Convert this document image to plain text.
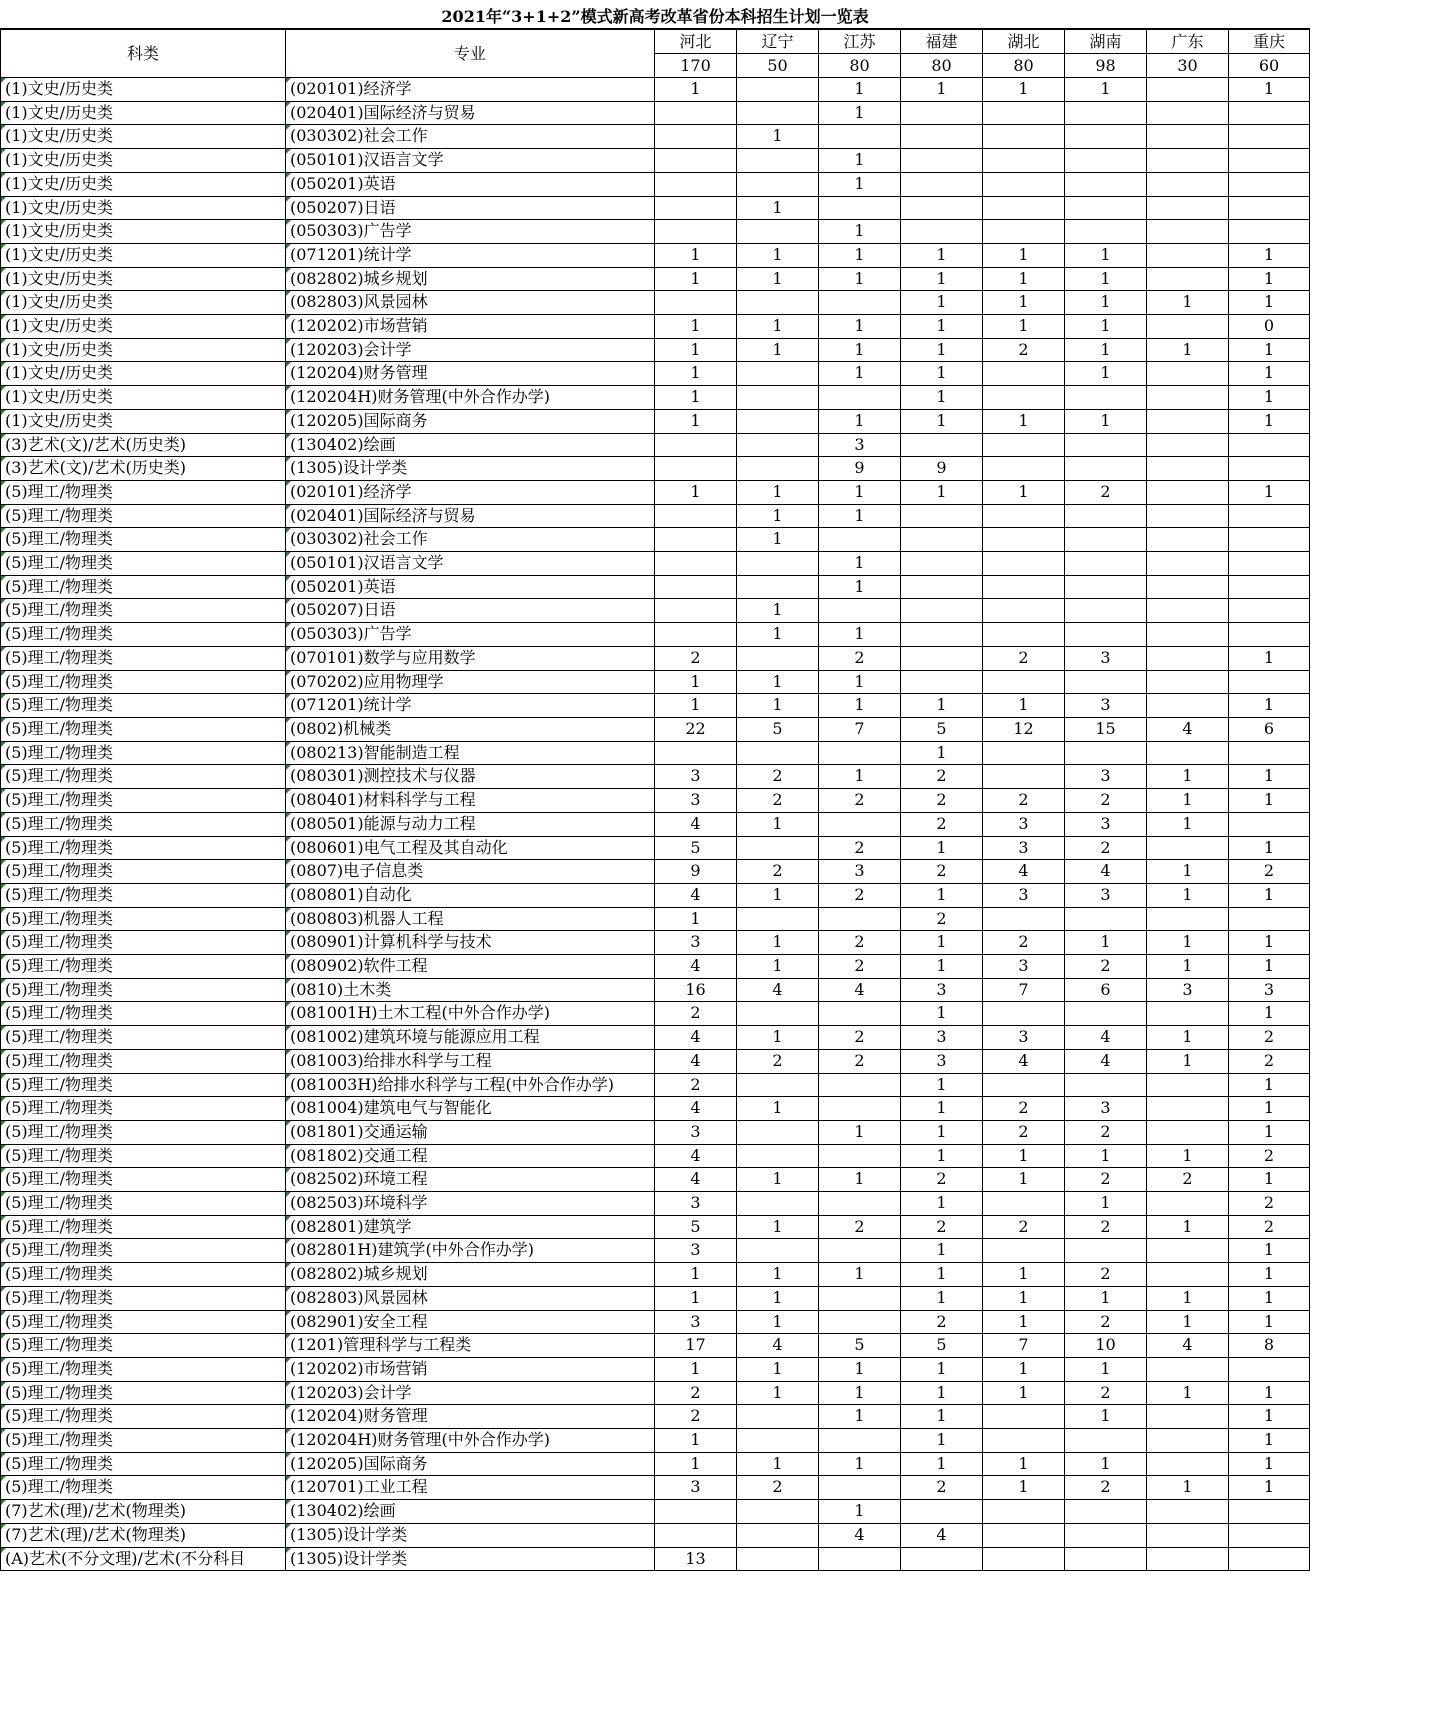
2021年“3+1+2”模式新高考改革省份本科招生计划一览表
科类	专业	河北	辽宁	江苏	福建	湖北	湖南	广东	重庆
		170	50	80	80	80	98	30	60
(1)文史/历史类	(020101)经济学	1		1	1	1	1		1
(1)文史/历史类	(020401)国际经济与贸易			1					
(1)文史/历史类	(030302)社会工作		1						
(1)文史/历史类	(050101)汉语言文学			1					
(1)文史/历史类	(050201)英语			1					
(1)文史/历史类	(050207)日语		1						
(1)文史/历史类	(050303)广告学			1					
(1)文史/历史类	(071201)统计学	1	1	1	1	1	1		1
(1)文史/历史类	(082802)城乡规划	1	1	1	1	1	1		1
(1)文史/历史类	(082803)风景园林				1	1	1	1	1
(1)文史/历史类	(120202)市场营销	1	1	1	1	1	1		0
(1)文史/历史类	(120203)会计学	1	1	1	1	2	1	1	1
(1)文史/历史类	(120204)财务管理	1		1	1		1		1
(1)文史/历史类	(120204H)财务管理(中外合作办学)	1			1				1
(1)文史/历史类	(120205)国际商务	1		1	1	1	1		1
(3)艺术(文)/艺术(历史类)	(130402)绘画			3					
(3)艺术(文)/艺术(历史类)	(1305)设计学类			9	9				
(5)理工/物理类	(020101)经济学	1	1	1	1	1	2		1
(5)理工/物理类	(020401)国际经济与贸易		1	1					
(5)理工/物理类	(030302)社会工作		1						
(5)理工/物理类	(050101)汉语言文学			1					
(5)理工/物理类	(050201)英语			1					
(5)理工/物理类	(050207)日语		1						
(5)理工/物理类	(050303)广告学		1	1					
(5)理工/物理类	(070101)数学与应用数学	2		2		2	3		1
(5)理工/物理类	(070202)应用物理学	1	1	1					
(5)理工/物理类	(071201)统计学	1	1	1	1	1	3		1
(5)理工/物理类	(0802)机械类	22	5	7	5	12	15	4	6
(5)理工/物理类	(080213)智能制造工程				1				
(5)理工/物理类	(080301)测控技术与仪器	3	2	1	2		3	1	1
(5)理工/物理类	(080401)材料科学与工程	3	2	2	2	2	2	1	1
(5)理工/物理类	(080501)能源与动力工程	4	1		2	3	3	1	
(5)理工/物理类	(080601)电气工程及其自动化	5		2	1	3	2		1
(5)理工/物理类	(0807)电子信息类	9	2	3	2	4	4	1	2
(5)理工/物理类	(080801)自动化	4	1	2	1	3	3	1	1
(5)理工/物理类	(080803)机器人工程	1			2				
(5)理工/物理类	(080901)计算机科学与技术	3	1	2	1	2	1	1	1
(5)理工/物理类	(080902)软件工程	4	1	2	1	3	2	1	1
(5)理工/物理类	(0810)土木类	16	4	4	3	7	6	3	3
(5)理工/物理类	(081001H)土木工程(中外合作办学)	2			1				1
(5)理工/物理类	(081002)建筑环境与能源应用工程	4	1	2	3	3	4	1	2
(5)理工/物理类	(081003)给排水科学与工程	4	2	2	3	4	4	1	2
(5)理工/物理类	(081003H)给排水科学与工程(中外合作办学)	2			1				1
(5)理工/物理类	(081004)建筑电气与智能化	4	1		1	2	3		1
(5)理工/物理类	(081801)交通运输	3		1	1	2	2		1
(5)理工/物理类	(081802)交通工程	4			1	1	1	1	2
(5)理工/物理类	(082502)环境工程	4	1	1	2	1	2	2	1
(5)理工/物理类	(082503)环境科学	3			1		1		2
(5)理工/物理类	(082801)建筑学	5	1	2	2	2	2	1	2
(5)理工/物理类	(082801H)建筑学(中外合作办学)	3			1				1
(5)理工/物理类	(082802)城乡规划	1	1	1	1	1	2		1
(5)理工/物理类	(082803)风景园林	1	1		1	1	1	1	1
(5)理工/物理类	(082901)安全工程	3	1		2	1	2	1	1
(5)理工/物理类	(1201)管理科学与工程类	17	4	5	5	7	10	4	8
(5)理工/物理类	(120202)市场营销	1	1	1	1	1	1		
(5)理工/物理类	(120203)会计学	2	1	1	1	1	2	1	1
(5)理工/物理类	(120204)财务管理	2		1	1		1		1
(5)理工/物理类	(120204H)财务管理(中外合作办学)	1			1				1
(5)理工/物理类	(120205)国际商务	1	1	1	1	1	1		1
(5)理工/物理类	(120701)工业工程	3	2		2	1	2	1	1
(7)艺术(理)/艺术(物理类)	(130402)绘画			1					
(7)艺术(理)/艺术(物理类)	(1305)设计学类			4	4				
(A)艺术(不分文理)/艺术(不分科目	(1305)设计学类	13							
